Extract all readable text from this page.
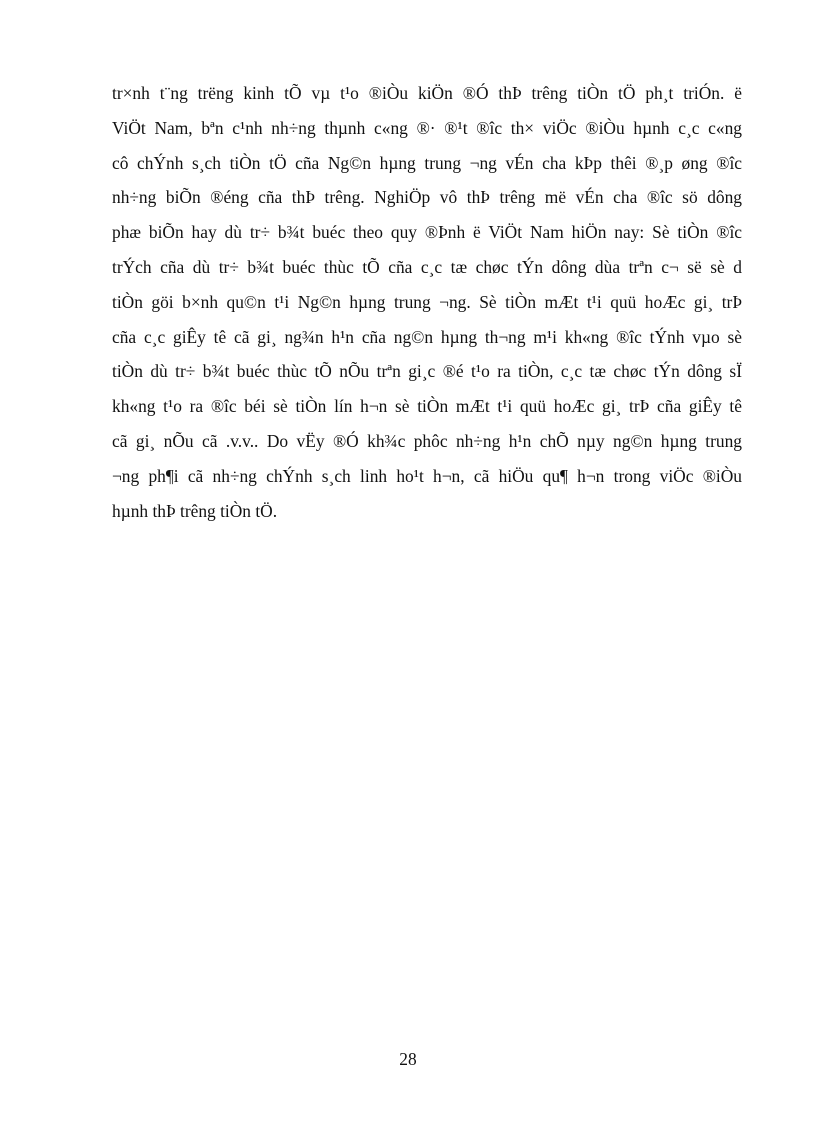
tr×nh t¨ng trëng kinh tÕ vµ t¹o ®iÒu kiÖn ®Ó thÞ trêng tiÒn tÖ ph¸t triÓn. ë
ViÖt Nam, bªn c¹nh nh÷ng thµnh c«ng ®· ®¹t ®îc th× viÖc ®iÒu hµnh c¸c c«ng
cô chÝnh s¸ch tiÒn tÖ cña Ng©n hµng trung ¬ng vÉn cha kÞp thêi ®¸p øng ®îc
nh÷ng biÕn ®éng cña thÞ trêng. NghiÖp vô thÞ trêng më vÉn cha ®îc sö dông
phæ biÕn hay dù tr÷ b¾t buéc theo quy ®Þnh ë ViÖt Nam hiÖn nay: Sè tiÒn ®îc
trÝch cña dù tr÷ b¾t buéc thùc tÕ cña c¸c tæ chøc tÝn dông dùa trªn c¬ së sè d
tiÒn göi b×nh qu©n t¹i Ng©n hµng trung ¬ng. Sè tiÒn mÆt t¹i quü hoÆc gi¸ trÞ
cña c¸c giÊy tê cã gi¸ ng¾n h¹n cña ng©n hµng th¬ng m¹i kh«ng ®îc tÝnh vµo sè
tiÒn dù tr÷ b¾t buéc thùc tÕ nÕu trªn gi¸c ®é t¹o ra tiÒn, c¸c tæ chøc tÝn dông sÏ
kh«ng t¹o ra ®îc béi sè tiÒn lín h¬n sè tiÒn mÆt t¹i quü hoÆc gi¸ trÞ cña giÊy tê
cã gi¸ nÕu cã .v.v.. Do vËy ®Ó kh¾c phôc nh÷ng h¹n chÕ nµy ng©n hµng trung
¬ng ph¶i cã nh÷ng chÝnh s¸ch linh ho¹t h¬n, cã hiÖu qu¶ h¬n trong viÖc ®iÒu
hµnh thÞ trêng tiÒn tÖ.
28
